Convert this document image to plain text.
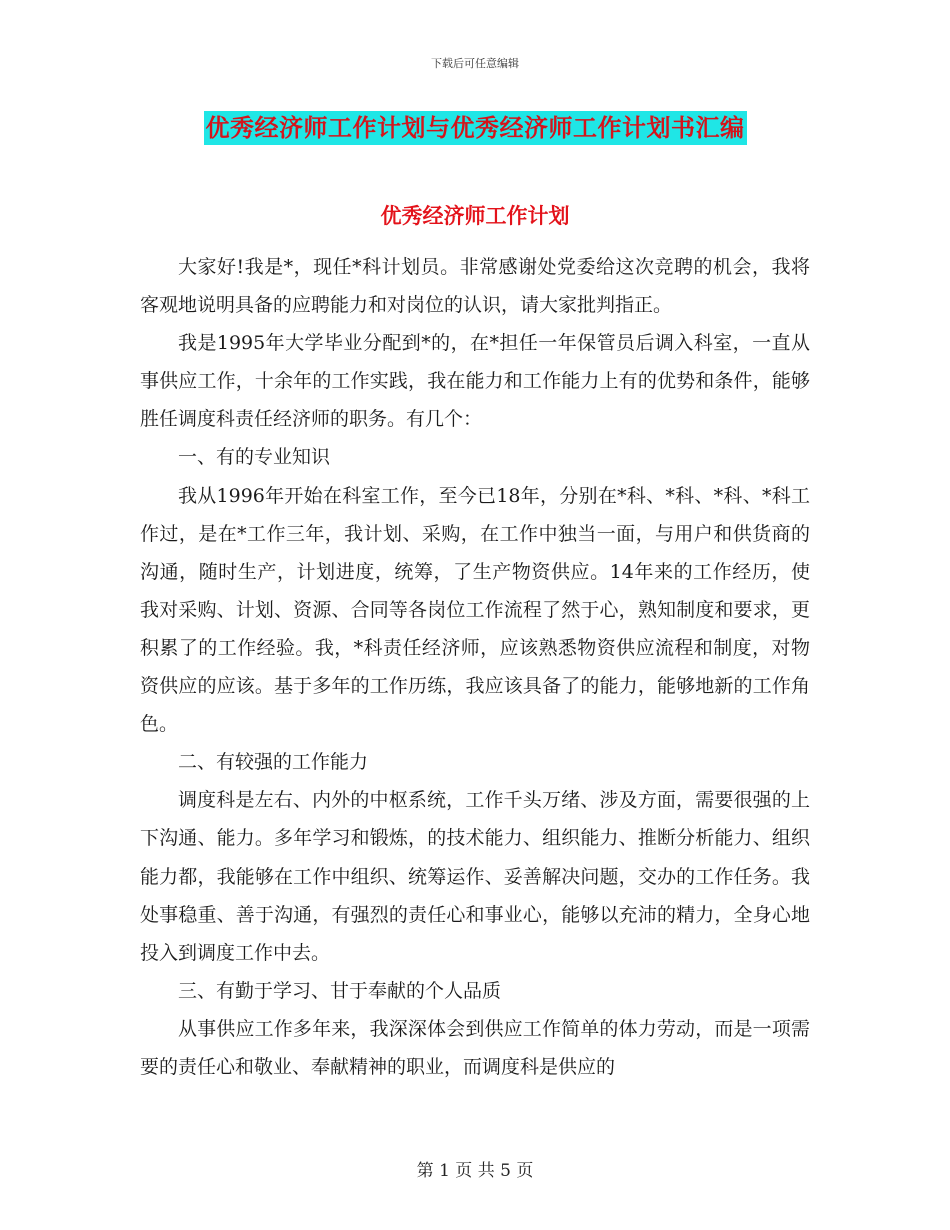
下载后可任意编辑
优秀经济师工作计划与优秀经济师工作计划书汇编
优秀经济师工作计划

大家好!我是*，现任*科计划员。非常感谢处党委给这次竞聘的机会，我将客观地说明具备的应聘能力和对岗位的认识，请大家批判指正。

我是1995年大学毕业分配到*的，在*担任一年保管员后调入科室，一直从事供应工作，十余年的工作实践，我在能力和工作能力上有的优势和条件，能够胜任调度科责任经济师的职务。有几个：

一、有的专业知识

我从1996年开始在科室工作，至今已18年，分别在*科、*科、*科、*科工作过，是在*工作三年，我计划、采购，在工作中独当一面，与用户和供货商的沟通，随时生产，计划进度，统筹，了生产物资供应。14年来的工作经历，使我对采购、计划、资源、合同等各岗位工作流程了然于心，熟知制度和要求，更积累了的工作经验。我，*科责任经济师，应该熟悉物资供应流程和制度，对物资供应的应该。基于多年的工作历练，我应该具备了的能力，能够地新的工作角色。

二、有较强的工作能力

调度科是左右、内外的中枢系统，工作千头万绪、涉及方面，需要很强的上下沟通、能力。多年学习和锻炼，的技术能力、组织能力、推断分析能力、组织能力都，我能够在工作中组织、统筹运作、妥善解决问题，交办的工作任务。我处事稳重、善于沟通，有强烈的责任心和事业心，能够以充沛的精力，全身心地投入到调度工作中去。

三、有勤于学习、甘于奉献的个人品质

从事供应工作多年来，我深深体会到供应工作简单的体力劳动，而是一项需要的责任心和敬业、奉献精神的职业，而调度科是供应的

第 1 页 共 5 页
